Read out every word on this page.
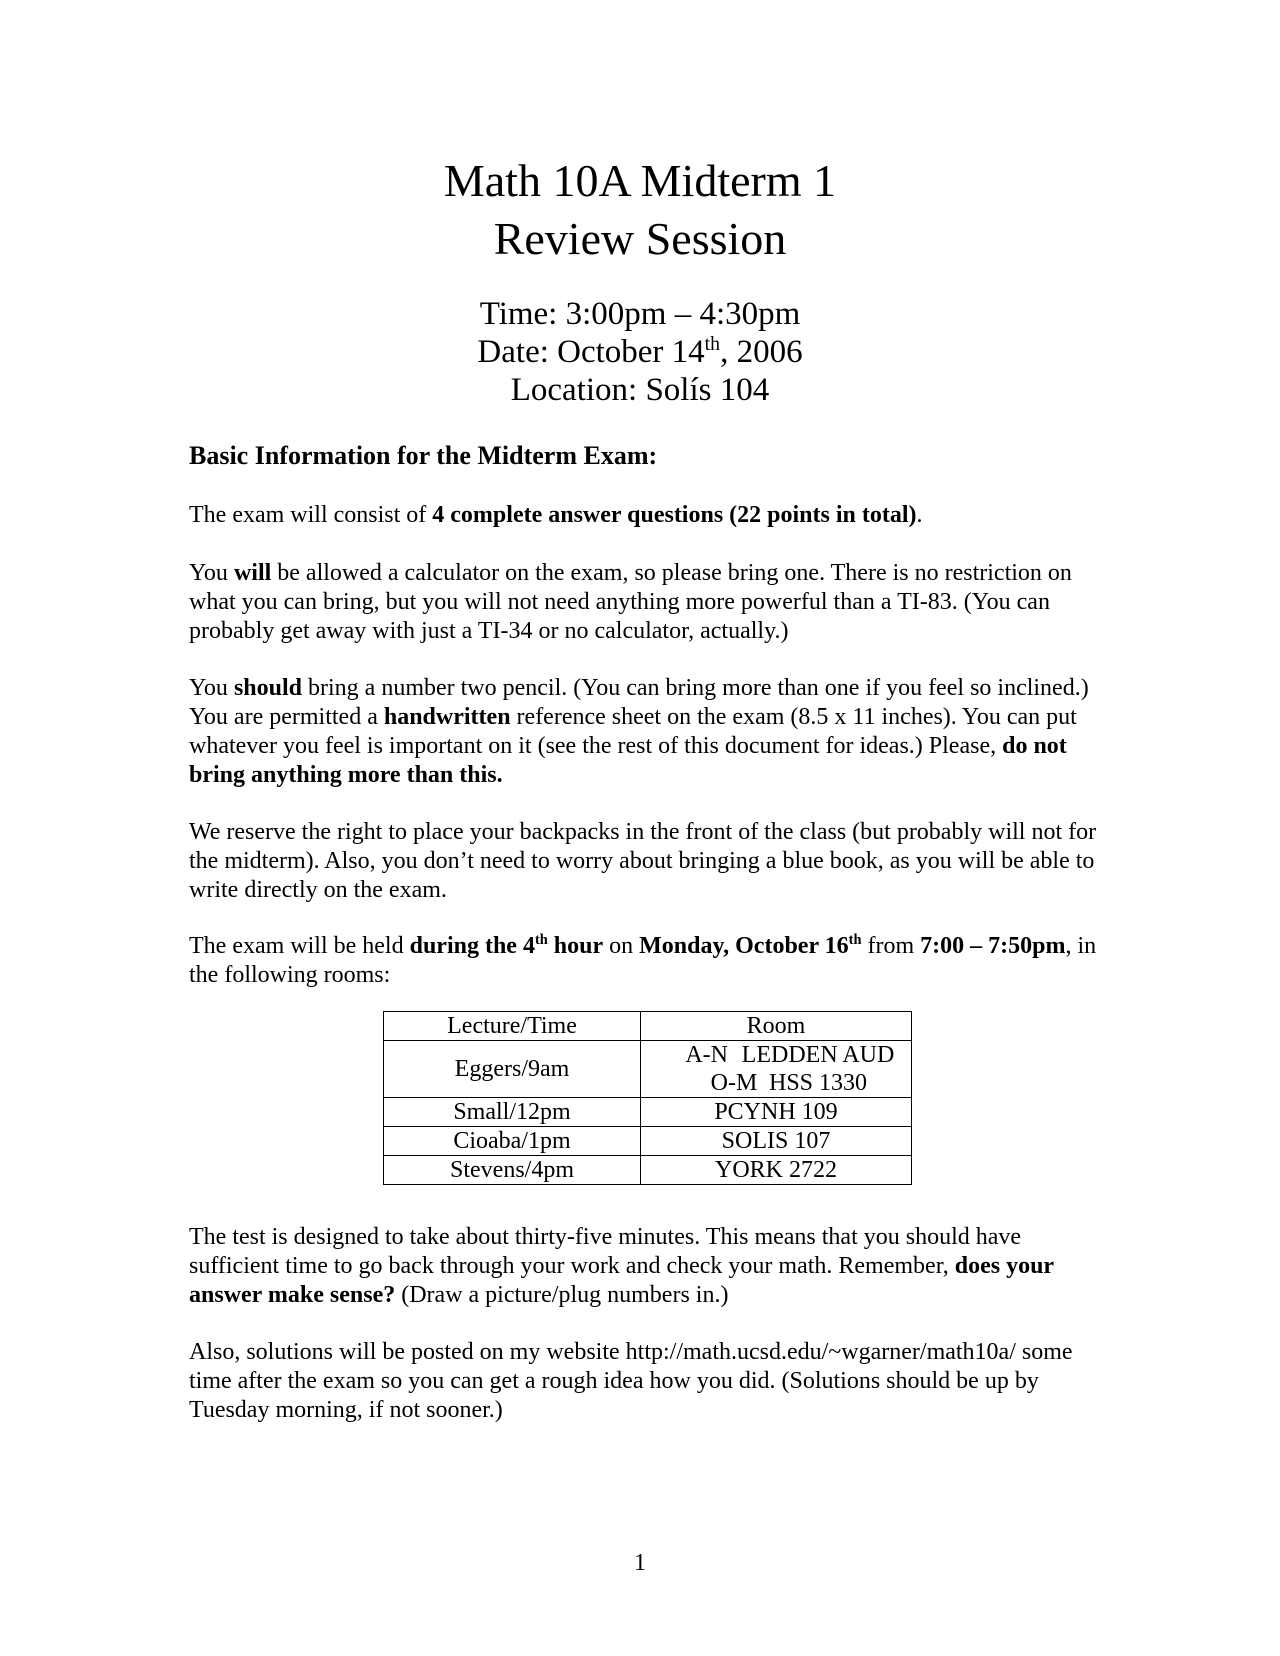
Math 10A Midterm 1
Review Session
Time: 3:00pm – 4:30pm
Date: October 14th, 2006
Location: Solís 104
Basic Information for the Midterm Exam:
The exam will consist of 4 complete answer questions (22 points in total).
You will be allowed a calculator on the exam, so please bring one. There is no restriction on what you can bring, but you will not need anything more powerful than a TI-83. (You can probably get away with just a TI-34 or no calculator, actually.)
You should bring a number two pencil. (You can bring more than one if you feel so inclined.) You are permitted a handwritten reference sheet on the exam (8.5 x 11 inches). You can put whatever you feel is important on it (see the rest of this document for ideas.) Please, do not bring anything more than this.
We reserve the right to place your backpacks in the front of the class (but probably will not for the midterm). Also, you don’t need to worry about bringing a blue book, as you will be able to write directly on the exam.
The exam will be held during the 4th hour on Monday, October 16th from 7:00 – 7:50pm, in the following rooms:
Lecture/Time	Room
Eggers/9am	A-N LEDDEN AUD
O-M HSS 1330

Small/12pm	PCYNH 109
Cioaba/1pm	SOLIS 107
Stevens/4pm	YORK 2722
The test is designed to take about thirty-five minutes. This means that you should have sufficient time to go back through your work and check your math. Remember, does your answer make sense? (Draw a picture/plug numbers in.)
Also, solutions will be posted on my website http://math.ucsd.edu/~wgarner/math10a/ some time after the exam so you can get a rough idea how you did. (Solutions should be up by Tuesday morning, if not sooner.)
1
